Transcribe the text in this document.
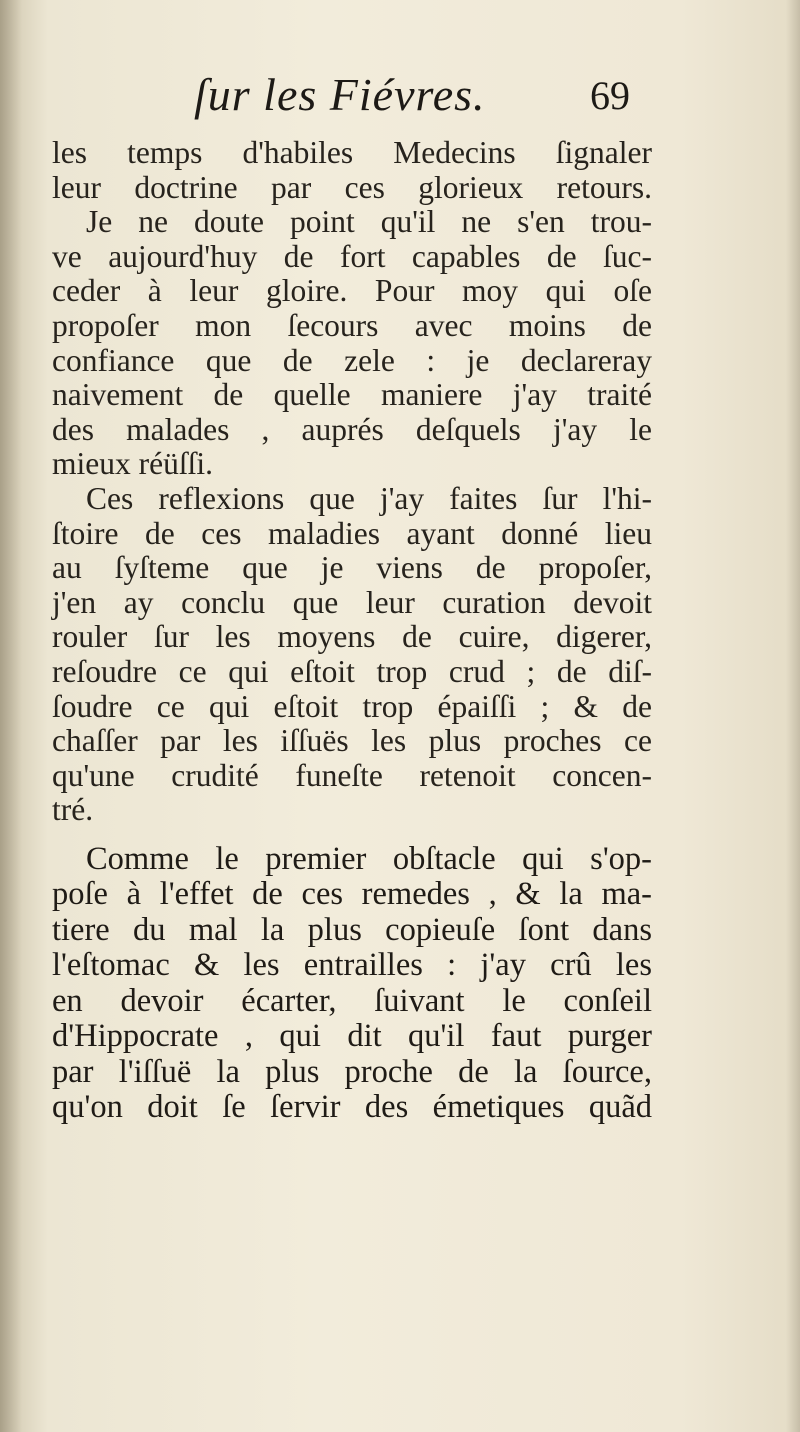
ſur les Fiévres.	69
les temps d'habiles Medecins ſignaler
leur doctrine par ces glorieux retours.
Je ne doute point qu'il ne s'en trou-
ve aujourd'huy de fort capables de ſuc-
ceder à leur gloire. Pour moy qui oſe
propoſer mon ſecours avec moins de
confiance que de zele : je declareray
naivement de quelle maniere j'ay traité
des malades , auprés deſquels j'ay le
mieux réüſſi.
Ces reflexions que j'ay faites ſur l'hi-
ſtoire de ces maladies ayant donné lieu
au ſyſteme que je viens de propoſer,
j'en ay conclu que leur curation devoit
rouler ſur les moyens de cuire, digerer,
reſoudre ce qui eſtoit trop crud ; de diſ-
ſoudre ce qui eſtoit trop épaiſſi ; & de
chaſſer par les iſſuës les plus proches ce
qu'une crudité funeſte retenoit concen-
tré.
Comme le premier obſtacle qui s'op-
poſe à l'effet de ces remedes , & la ma-
tiere du mal la plus copieuſe ſont dans
l'eſtomac & les entrailles : j'ay crû les
en devoir écarter, ſuivant le conſeil
d'Hippocrate , qui dit qu'il faut purger
par l'iſſuë la plus proche de la ſource,
qu'on doit ſe ſervir des émetiques quãd
